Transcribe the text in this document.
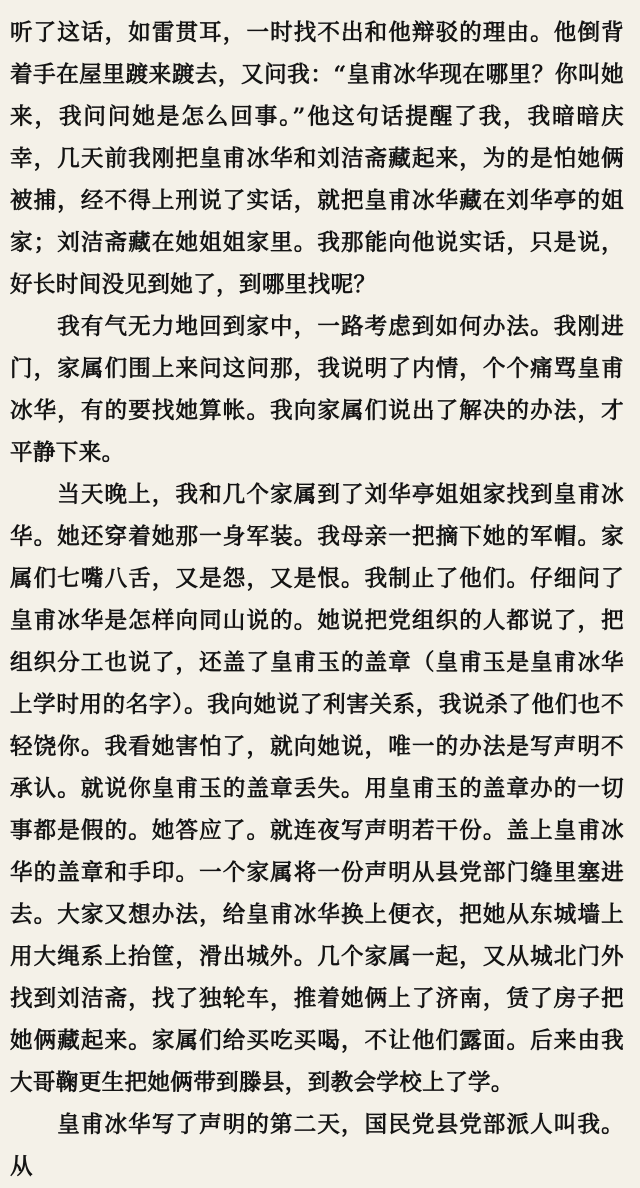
听了这话，如雷贯耳，一时找不出和他辩驳的理由。他倒背着手在屋里踱来踱去，又问我：“皇甫冰华现在哪里？你叫她来，我问问她是怎么回事。”他这句话提醒了我，我暗暗庆幸，几天前我刚把皇甫冰华和刘洁斋藏起来，为的是怕她俩被捕，经不得上刑说了实话，就把皇甫冰华藏在刘华亭的姐家；刘洁斋藏在她姐姐家里。我那能向他说实话，只是说，好长时间没见到她了，到哪里找呢？

我有气无力地回到家中，一路考虑到如何办法。我刚进门，家属们围上来问这问那，我说明了内情，个个痛骂皇甫冰华，有的要找她算帐。我向家属们说出了解决的办法，才平静下来。

当天晚上，我和几个家属到了刘华亭姐姐家找到皇甫冰华。她还穿着她那一身军装。我母亲一把摘下她的军帽。家属们七嘴八舌，又是怨，又是恨。我制止了他们。仔细问了皇甫冰华是怎样向同山说的。她说把党组织的人都说了，把组织分工也说了，还盖了皇甫玉的盖章（皇甫玉是皇甫冰华上学时用的名字）。我向她说了利害关系，我说杀了他们也不轻饶你。我看她害怕了，就向她说，唯一的办法是写声明不承认。就说你皇甫玉的盖章丢失。用皇甫玉的盖章办的一切事都是假的。她答应了。就连夜写声明若干份。盖上皇甫冰华的盖章和手印。一个家属将一份声明从县党部门缝里塞进去。大家又想办法，给皇甫冰华换上便衣，把她从东城墙上用大绳系上抬筐，滑出城外。几个家属一起，又从城北门外找到刘洁斋，找了独轮车，推着她俩上了济南，赁了房子把她俩藏起来。家属们给买吃买喝，不让他们露面。后来由我大哥鞠更生把她俩带到滕县，到教会学校上了学。

皇甫冰华写了声明的第二天，国民党县党部派人叫我。从
